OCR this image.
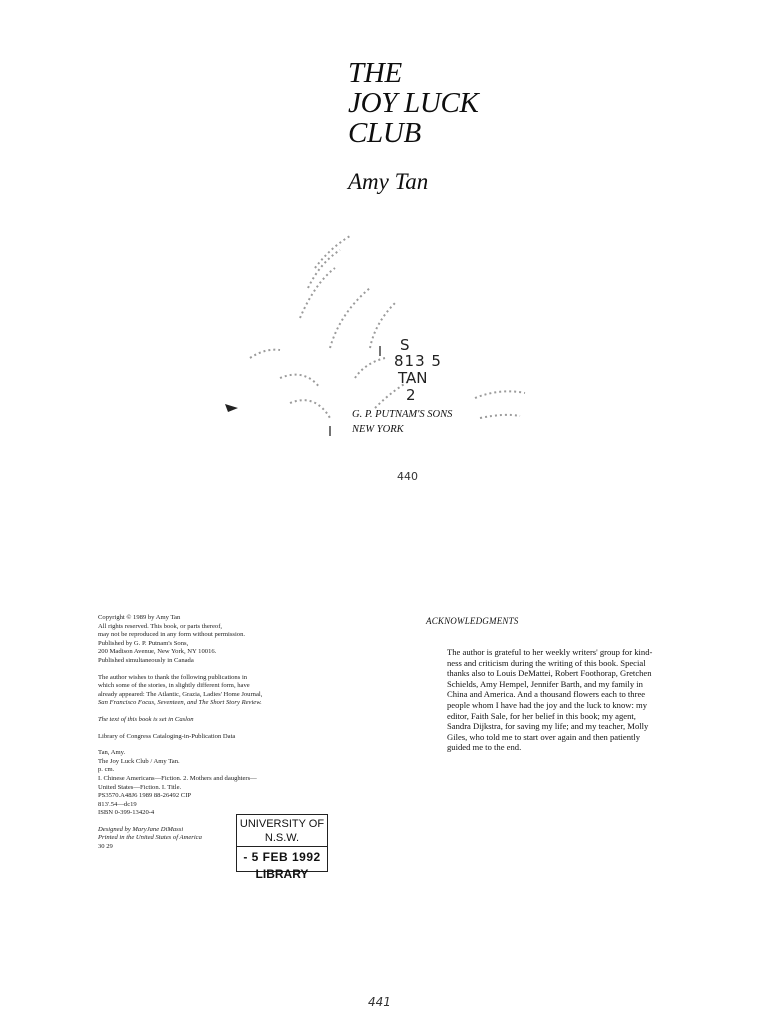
THE
JOY LUCK
CLUB
Amy Tan
S
813 5
TAN
2
G. P. PUTNAM'S SONS
NEW YORK
440
441
Copyright © 1989 by Amy Tan
All rights reserved. This book, or parts thereof,
may not be reproduced in any form without permission.
Published by G. P. Putnam's Sons,
200 Madison Avenue, New York, NY 10016.
Published simultaneously in Canada
The author wishes to thank the following publications in
which some of the stories, in slightly different form, have
already appeared: The Atlantic, Grazia, Ladies' Home Journal,
San Francisco Focus, Seventeen, and The Short Story Review.
The text of this book is set in Caslon
Library of Congress Cataloging-in-Publication Data
Tan, Amy.
The Joy Luck Club / Amy Tan.
p. cm.
I. Chinese Americans—Fiction. 2. Mothers and daughters—
United States—Fiction. I. Title.
PS3570.A48J6 1989 88-26492 CIP
813'.54—dc19
ISBN 0-399-13420-4
Designed by MaryJane DiMassi
Printed in the United States of America
30 29
UNIVERSITY OF N.S.W.
- 5 FEB 1992
LIBRARY
ACKNOWLEDGMENTS
The author is grateful to her weekly writers' group for kind-
ness and criticism during the writing of this book. Special
thanks also to Louis DeMattei, Robert Foothorap, Gretchen
Schields, Amy Hempel, Jennifer Barth, and my family in
China and America. And a thousand flowers each to three
people whom I have had the joy and the luck to know: my
editor, Faith Sale, for her belief in this book; my agent,
Sandra Dijkstra, for saving my life; and my teacher, Molly
Giles, who told me to start over again and then patiently
guided me to the end.
